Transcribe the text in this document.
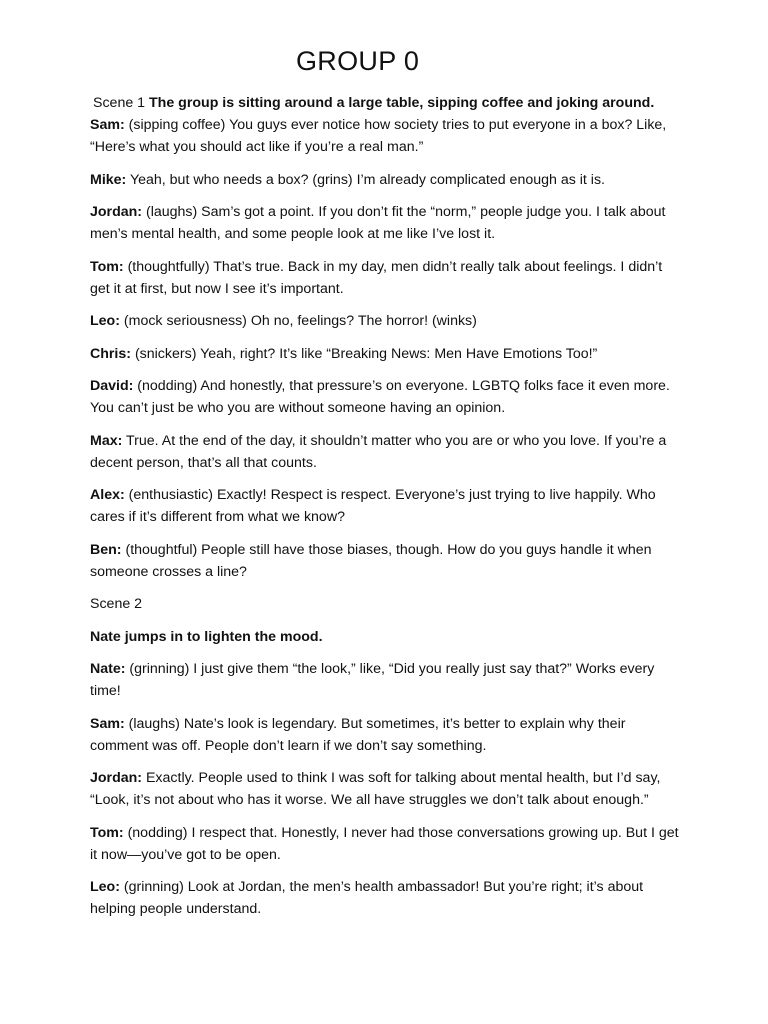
GROUP 0

Scene 1 The group is sitting around a large table, sipping coffee and joking around.

Sam: (sipping coffee) You guys ever notice how society tries to put everyone in a box? Like, “Here’s what you should act like if you’re a real man.”

Mike: Yeah, but who needs a box? (grins) I’m already complicated enough as it is.

Jordan: (laughs) Sam’s got a point. If you don’t fit the “norm,” people judge you. I talk about men’s mental health, and some people look at me like I’ve lost it.

Tom: (thoughtfully) That’s true. Back in my day, men didn’t really talk about feelings. I didn’t get it at first, but now I see it’s important.

Leo: (mock seriousness) Oh no, feelings? The horror! (winks)

Chris: (snickers) Yeah, right? It’s like “Breaking News: Men Have Emotions Too!”

David: (nodding) And honestly, that pressure’s on everyone. LGBTQ folks face it even more. You can’t just be who you are without someone having an opinion.

Max: True. At the end of the day, it shouldn’t matter who you are or who you love. If you’re a decent person, that’s all that counts.

Alex: (enthusiastic) Exactly! Respect is respect. Everyone’s just trying to live happily. Who cares if it’s different from what we know?

Ben: (thoughtful) People still have those biases, though. How do you guys handle it when someone crosses a line?

Scene 2

Nate jumps in to lighten the mood.

Nate: (grinning) I just give them “the look,” like, “Did you really just say that?” Works every time!

Sam: (laughs) Nate’s look is legendary. But sometimes, it’s better to explain why their comment was off. People don’t learn if we don’t say something.

Jordan: Exactly. People used to think I was soft for talking about mental health, but I’d say, “Look, it’s not about who has it worse. We all have struggles we don’t talk about enough.”

Tom: (nodding) I respect that. Honestly, I never had those conversations growing up. But I get it now—you’ve got to be open.

Leo: (grinning) Look at Jordan, the men’s health ambassador! But you’re right; it’s about helping people understand.
